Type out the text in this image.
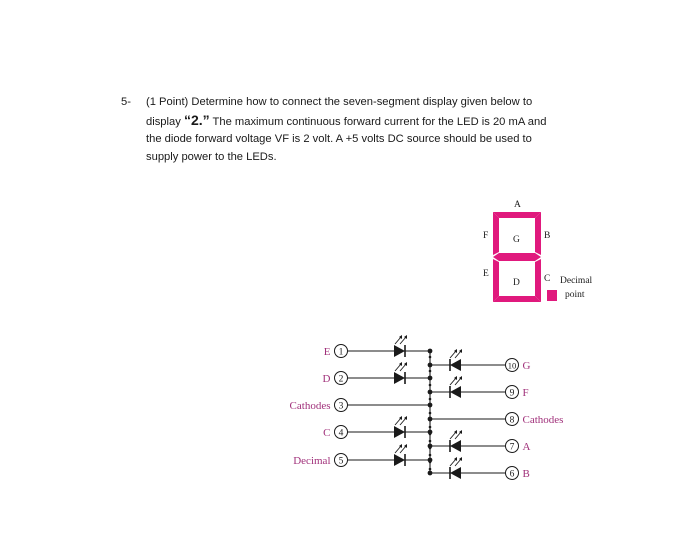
5- (1 Point) Determine how to connect the seven-segment display given below to
display “2.” The maximum continuous forward current for the LED is 20 mA and
the diode forward voltage VF is 2 volt. A +5 volts DC source should be used to
supply power to the LEDs.
A
B
C
D
E
F	G
Decimal
point
1
E
2
D
3
Cathodes
4
C
5
Decimal
10 G
9 F
8 Cathodes
7 A
6 B
